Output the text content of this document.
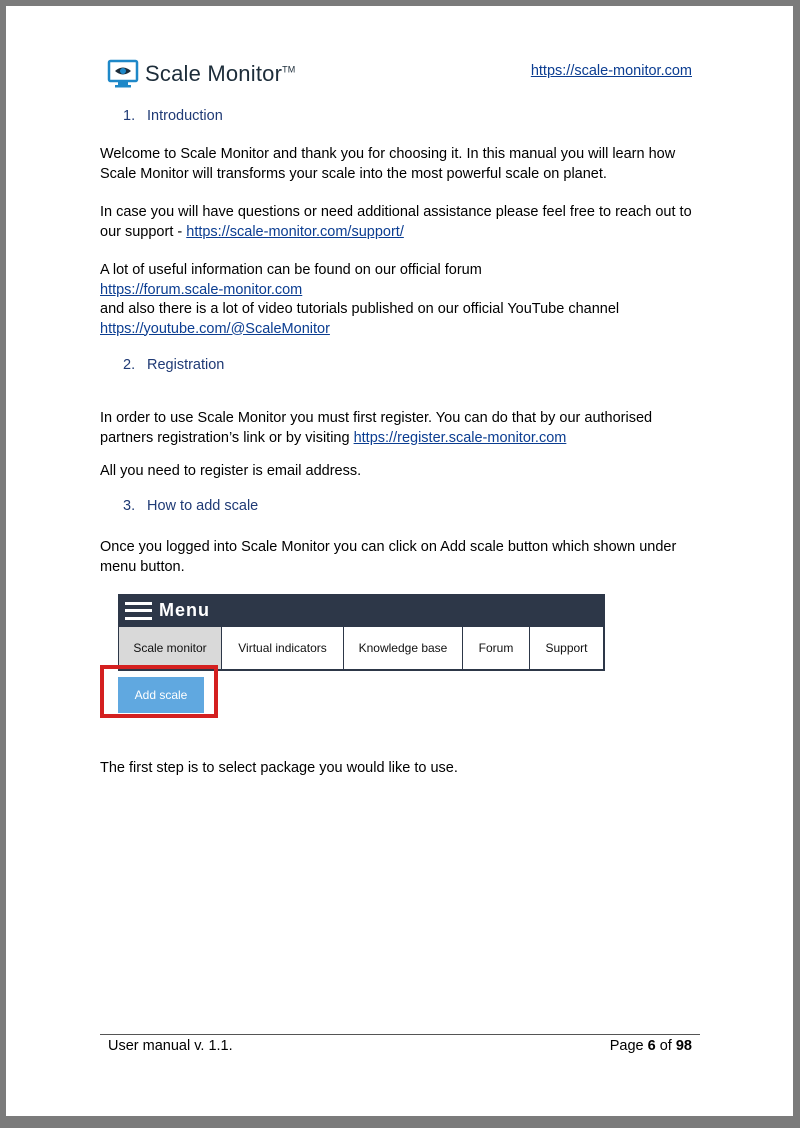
Scale Monitor™	https://scale-monitor.com
1. Introduction
Welcome to Scale Monitor and thank you for choosing it. In this manual you will learn how Scale Monitor will transforms your scale into the most powerful scale on planet.
In case you will have questions or need additional assistance please feel free to reach out to our support - https://scale-monitor.com/support/
A lot of useful information can be found on our official forum
https://forum.scale-monitor.com
and also there is a lot of video tutorials published on our official YouTube channel
https://youtube.com/@ScaleMonitor
2. Registration
In order to use Scale Monitor you must first register. You can do that by our authorised partners registration’s link or by visiting https://register.scale-monitor.com
All you need to register is email address.
3. How to add scale
Once you logged into Scale Monitor you can click on Add scale button which shown under menu button.
Menu
Scale monitor	Virtual indicators	Knowledge base	Forum	Support
Add scale
The first step is to select package you would like to use.
User manual v. 1.1.	Page 6 of 98
